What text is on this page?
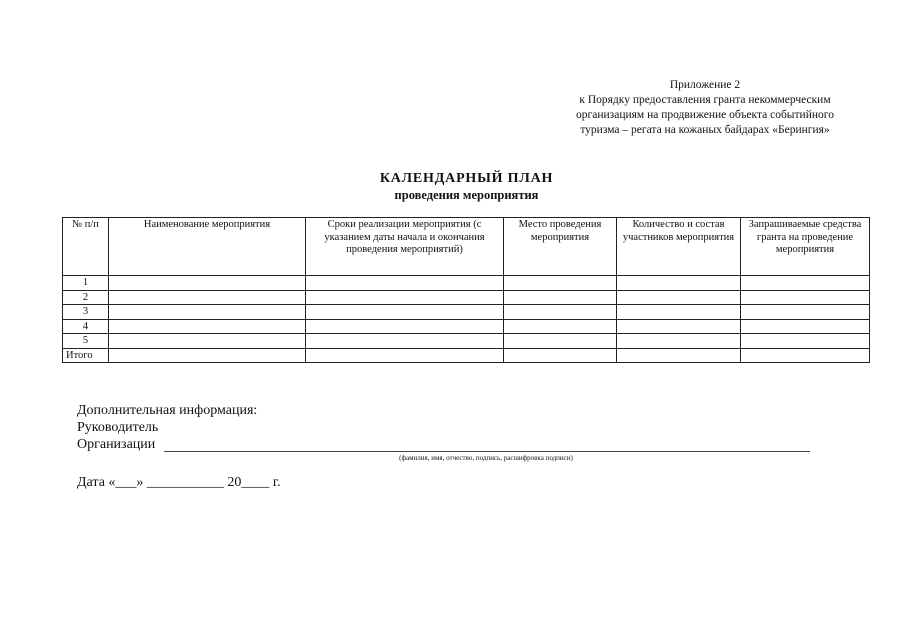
Приложение 2
к Порядку предоставления гранта некоммерческим
организациям на продвижение объекта событийного
туризма – регата на кожаных байдарах «Берингия»
КАЛЕНДАРНЫЙ ПЛАН
проведения мероприятия
№ п/п	Наименование мероприятия	Сроки реализации мероприятия (с указанием даты начала и окончания проведения мероприятий)	Место проведения мероприятия	Количество и состав участников мероприятия	Запрашиваемые средства гранта на проведение мероприятия
1					
2					
3					
4					
5					
Итого					
Дополнительная информация:
Руководитель
Организации
(фамилия, имя, отчество, подпись, расшифровка подписи)
Дата «___» ___________ 20____ г.
